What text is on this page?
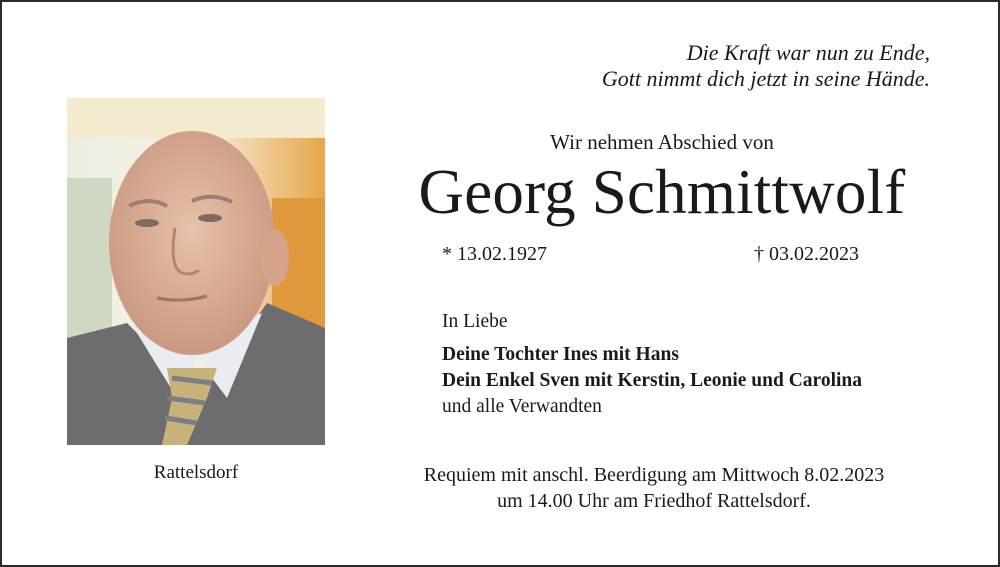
Die Kraft war nun zu Ende,
Gott nimmt dich jetzt in seine Hände.
Rattelsdorf
Wir nehmen Abschied von
Georg Schmittwolf
* 13.02.1927	† 03.02.2023
In Liebe
Deine Tochter Ines mit Hans
Dein Enkel Sven mit Kerstin, Leonie und Carolina
und alle Verwandten
Requiem mit anschl. Beerdigung am Mittwoch 8.02.2023
um 14.00 Uhr am Friedhof Rattelsdorf.
